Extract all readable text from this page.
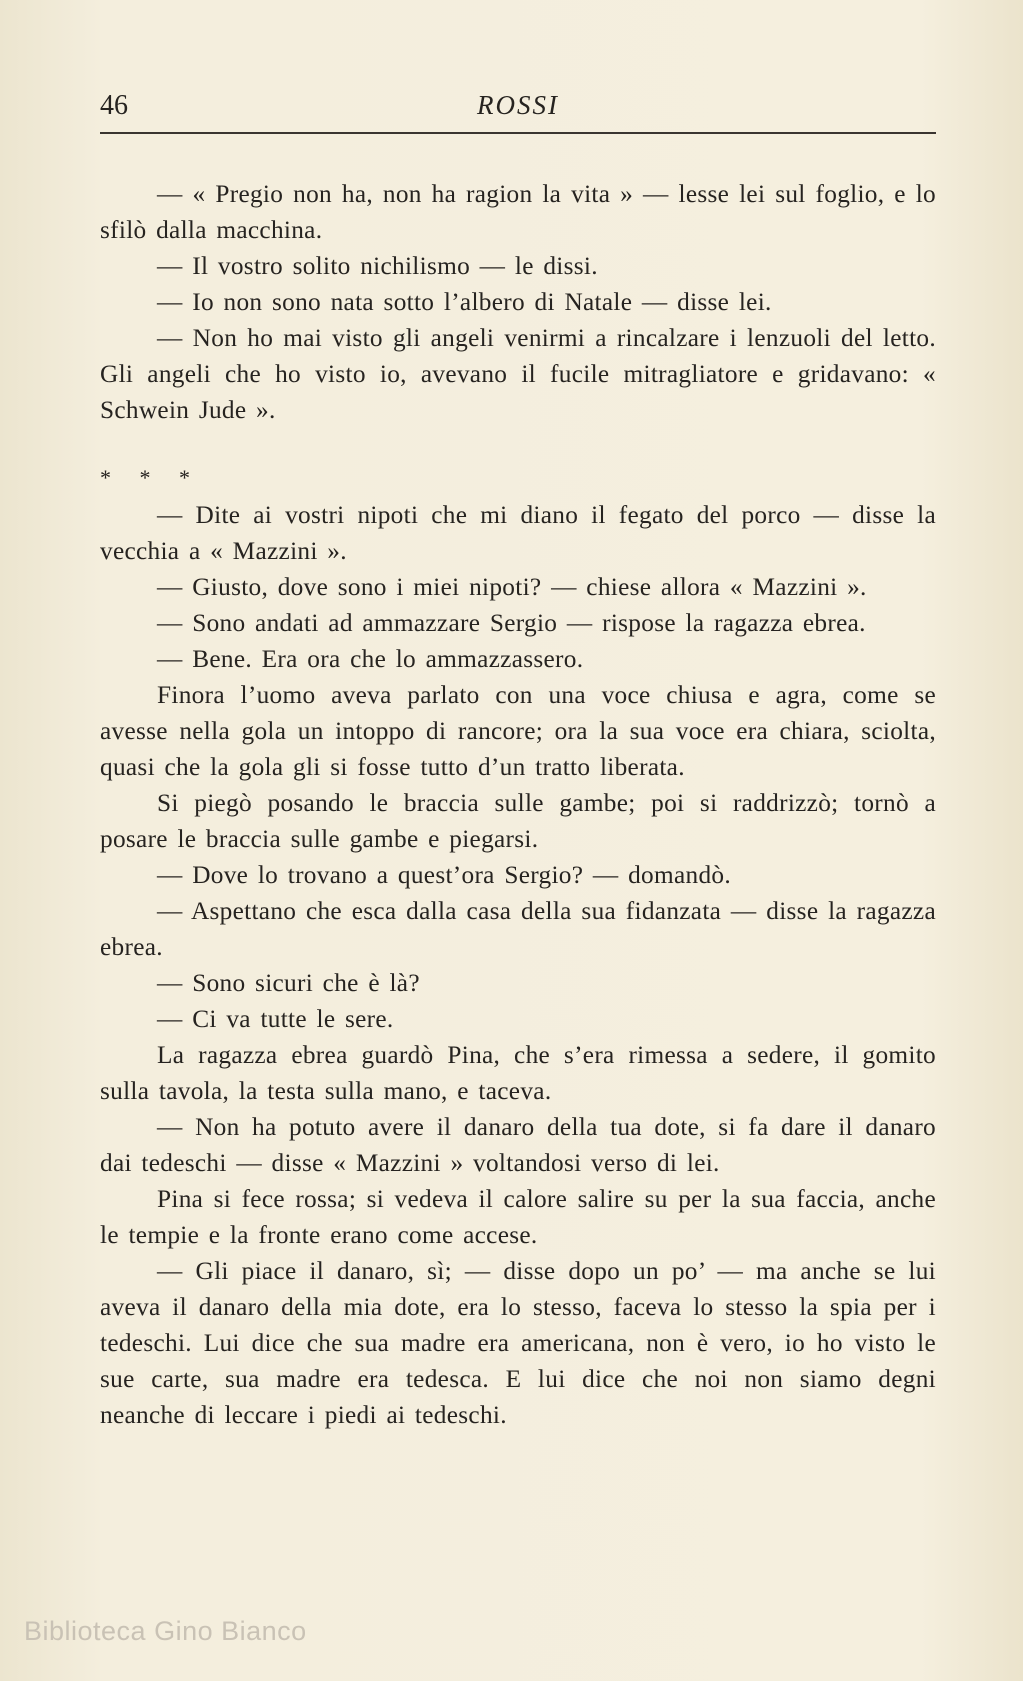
46	ROSSI

— « Pregio non ha, non ha ragion la vita » — lesse lei sul foglio, e lo sfilò dalla macchina.

— Il vostro solito nichilismo — le dissi.

— Io non sono nata sotto l’albero di Natale — disse lei.

— Non ho mai visto gli angeli venirmi a rincalzare i lenzuoli del letto. Gli angeli che ho visto io, avevano il fucile mitragliatore e gridavano: « Schwein Jude ».

* * *

— Dite ai vostri nipoti che mi diano il fegato del porco — disse la vecchia a « Mazzini ».

— Giusto, dove sono i miei nipoti? — chiese allora « Mazzini ».

— Sono andati ad ammazzare Sergio — rispose la ragazza ebrea.

— Bene. Era ora che lo ammazzassero.

Finora l’uomo aveva parlato con una voce chiusa e agra, come se avesse nella gola un intoppo di rancore; ora la sua voce era chiara, sciolta, quasi che la gola gli si fosse tutto d’un tratto liberata.

Si piegò posando le braccia sulle gambe; poi si raddrizzò; tornò a posare le braccia sulle gambe e piegarsi.

— Dove lo trovano a quest’ora Sergio? — domandò.

— Aspettano che esca dalla casa della sua fidanzata — disse la ragazza ebrea.

— Sono sicuri che è là?

— Ci va tutte le sere.

La ragazza ebrea guardò Pina, che s’era rimessa a sedere, il gomito sulla tavola, la testa sulla mano, e taceva.

— Non ha potuto avere il danaro della tua dote, si fa dare il danaro dai tedeschi — disse « Mazzini » voltandosi verso di lei.

Pina si fece rossa; si vedeva il calore salire su per la sua faccia, anche le tempie e la fronte erano come accese.

— Gli piace il danaro, sì; — disse dopo un po’ — ma anche se lui aveva il danaro della mia dote, era lo stesso, faceva lo stesso la spia per i tedeschi. Lui dice che sua madre era americana, non è vero, io ho visto le sue carte, sua madre era tedesca. E lui dice che noi non siamo degni neanche di leccare i piedi ai tedeschi.

Biblioteca Gino Bianco
